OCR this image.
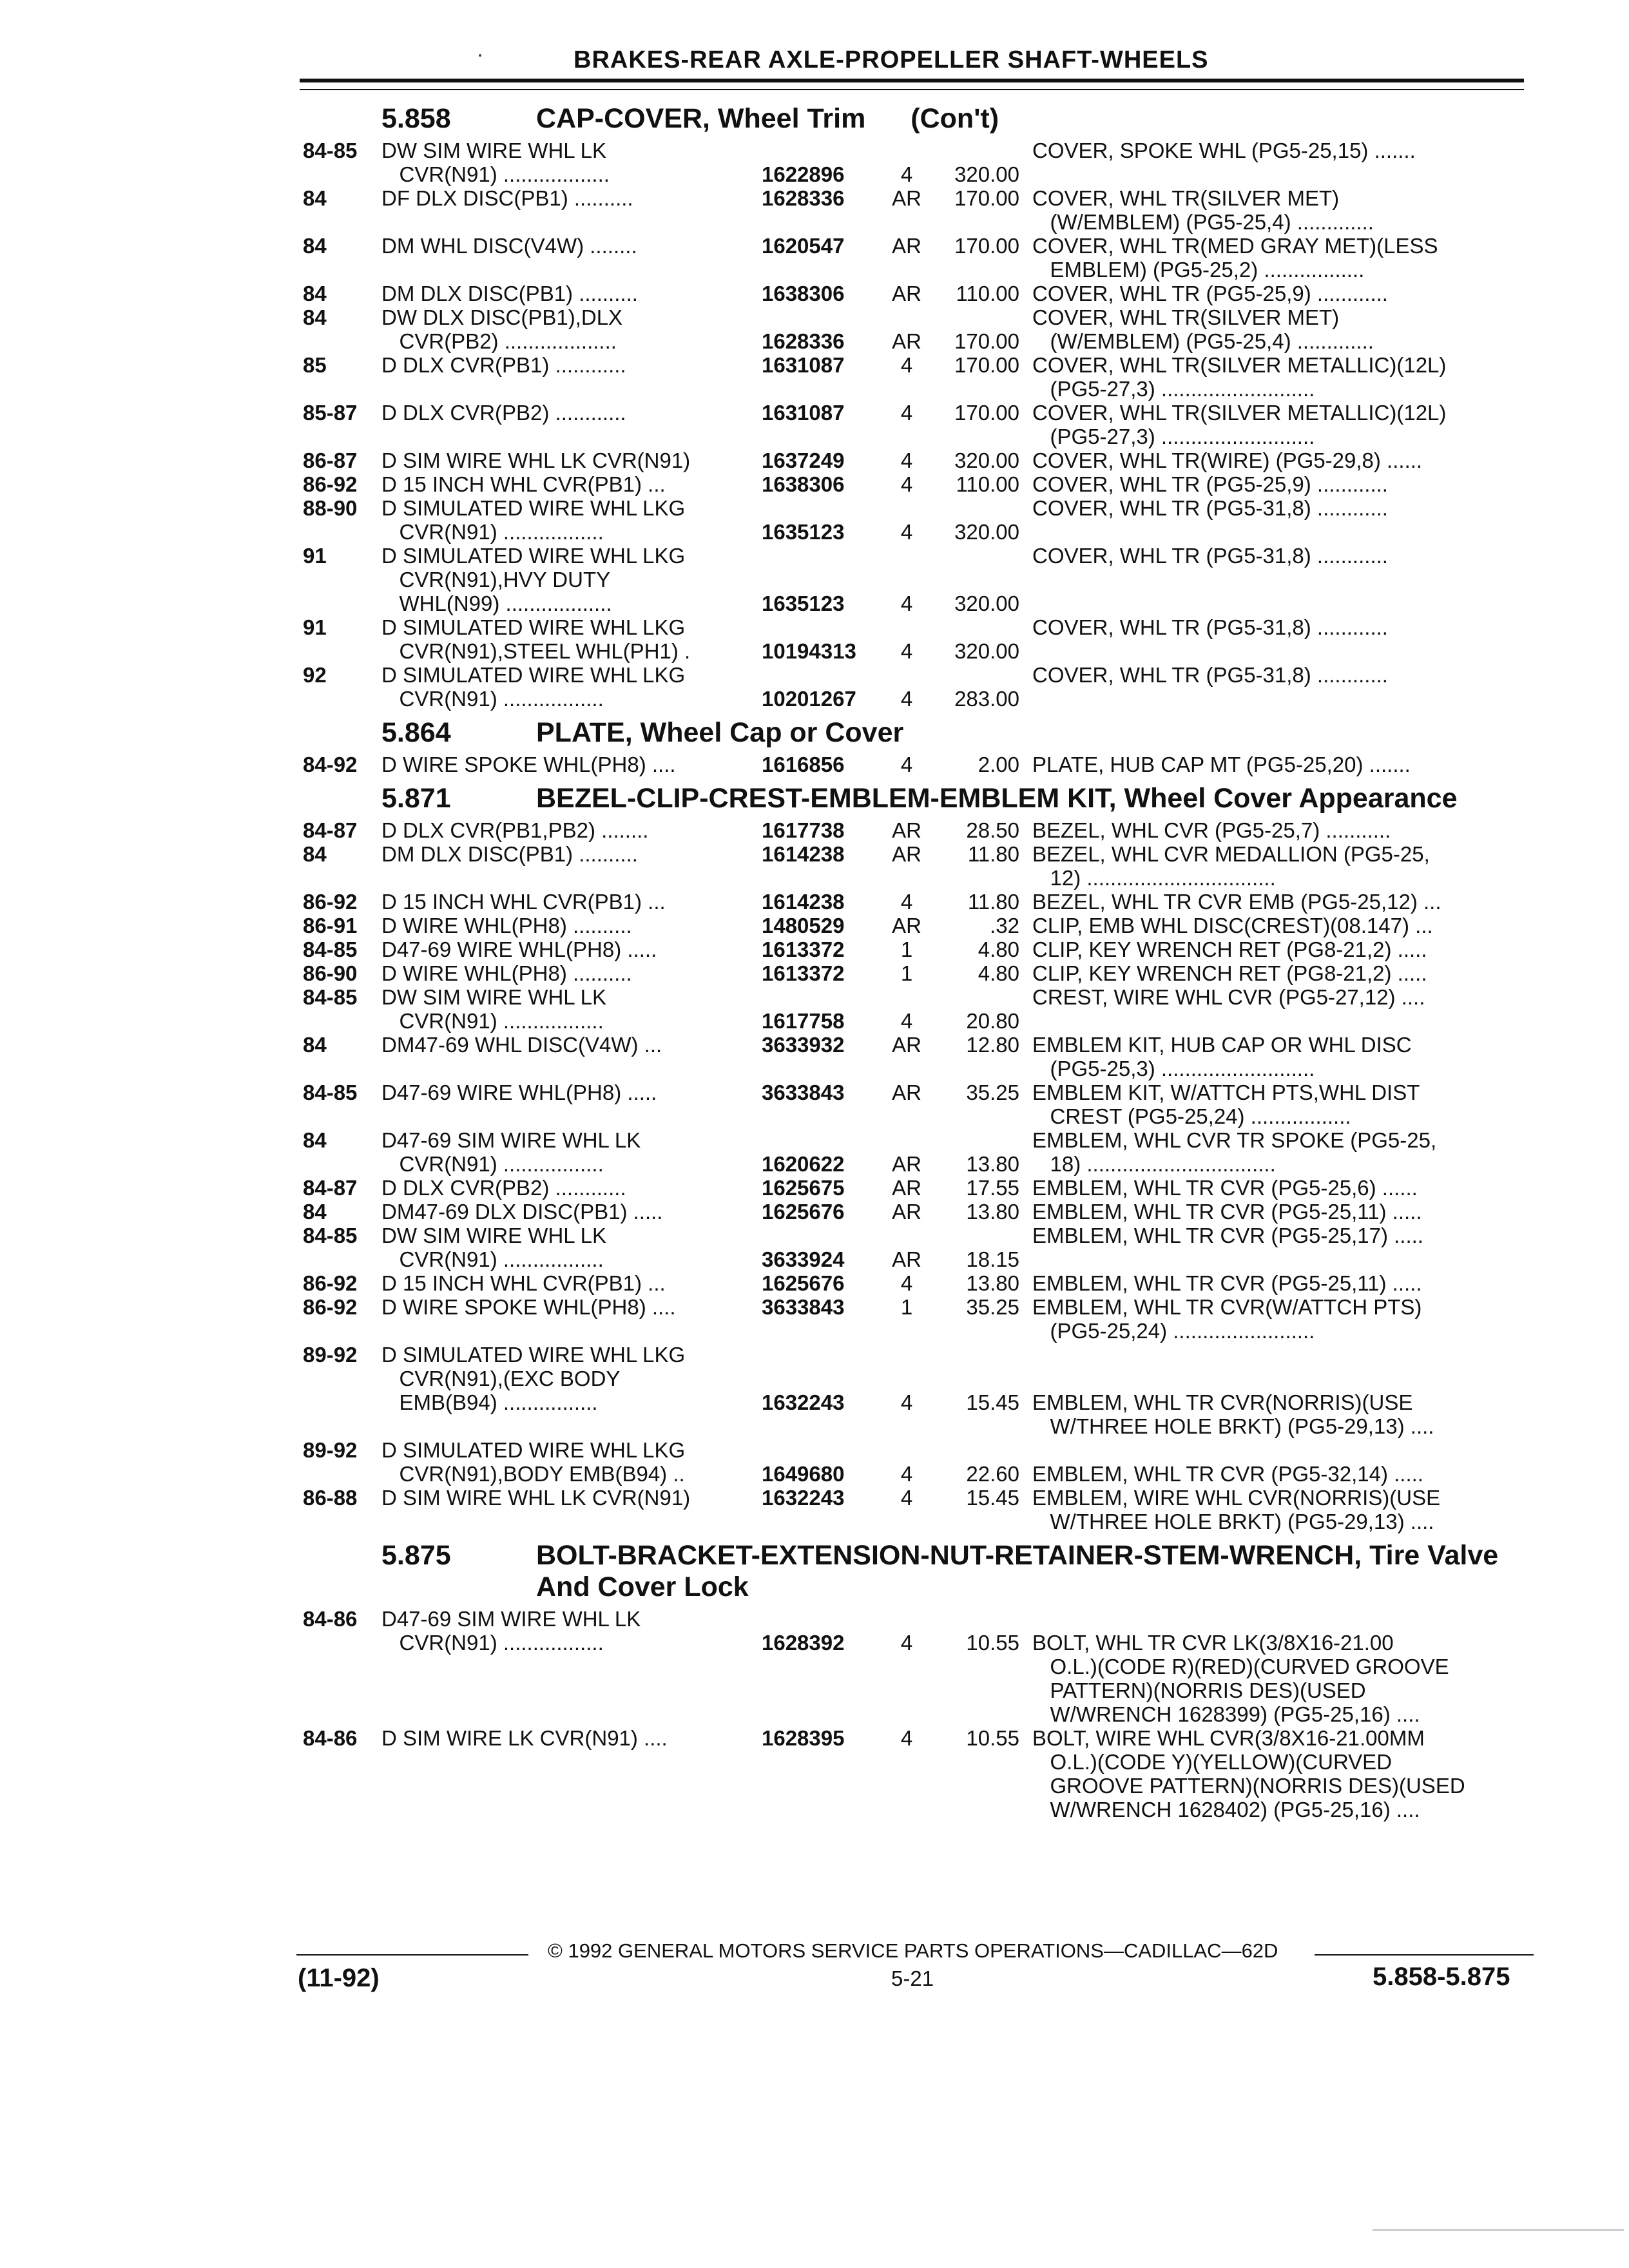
BRAKES-REAR AXLE-PROPELLER SHAFT-WHEELS
5.858	CAP-COVER, Wheel Trim (Con't)
84-85	DW SIM WIRE WHL LK
CVR(N91) ..................	1622896	4	320.00
COVER, SPOKE WHL (PG5-25,15) .......
84	DF DLX DISC(PB1) ..........	1628336	AR	170.00 COVER, WHL TR(SILVER MET)
(W/EMBLEM) (PG5-25,4) .............
84	DM WHL DISC(V4W) ........	1620547	AR	170.00 COVER, WHL TR(MED GRAY MET)(LESS
EMBLEM) (PG5-25,2) .................
84	DM DLX DISC(PB1) ..........	1638306	AR	110.00 COVER, WHL TR (PG5-25,9) ............
84	DW DLX DISC(PB1),DLX
CVR(PB2) ...................	1628336	AR	170.00
COVER, WHL TR(SILVER MET)
(W/EMBLEM) (PG5-25,4) .............
85	D DLX CVR(PB1) ............	1631087	4	170.00 COVER, WHL TR(SILVER METALLIC)(12L)
(PG5-27,3) ..........................
85-87	D DLX CVR(PB2) ............	1631087	4	170.00 COVER, WHL TR(SILVER METALLIC)(12L)
(PG5-27,3) ..........................
86-87	D SIM WIRE WHL LK CVR(N91)	1637249	4	320.00 COVER, WHL TR(WIRE) (PG5-29,8) ......
86-92	D 15 INCH WHL CVR(PB1) ...	1638306	4	110.00 COVER, WHL TR (PG5-25,9) ............
88-90	D SIMULATED WIRE WHL LKG
CVR(N91) .................	1635123	4	320.00
COVER, WHL TR (PG5-31,8) ............
91	D SIMULATED WIRE WHL LKG
CVR(N91),HVY DUTY
WHL(N99) ..................	1635123	4	320.00
COVER, WHL TR (PG5-31,8) ............
91	D SIMULATED WIRE WHL LKG
CVR(N91),STEEL WHL(PH1) .	10194313	4	320.00
COVER, WHL TR (PG5-31,8) ............
92	D SIMULATED WIRE WHL LKG
CVR(N91) .................	10201267	4	283.00
COVER, WHL TR (PG5-31,8) ............
5.864	PLATE, Wheel Cap or Cover
84-92	D WIRE SPOKE WHL(PH8) ....	1616856	4	2.00 PLATE, HUB CAP MT (PG5-25,20) .......
5.871	BEZEL-CLIP-CREST-EMBLEM-EMBLEM KIT, Wheel Cover Appearance
84-87	D DLX CVR(PB1,PB2) ........	1617738	AR	28.50 BEZEL, WHL CVR (PG5-25,7) ...........
84	DM DLX DISC(PB1) ..........	1614238	AR	11.80 BEZEL, WHL CVR MEDALLION (PG5-25,
12) ................................
86-92	D 15 INCH WHL CVR(PB1) ...	1614238	4	11.80 BEZEL, WHL TR CVR EMB (PG5-25,12) ...
86-91	D WIRE WHL(PH8) ..........	1480529	AR	.32 CLIP, EMB WHL DISC(CREST)(08.147) ...
84-85	D47-69 WIRE WHL(PH8) .....	1613372	1	4.80 CLIP, KEY WRENCH RET (PG8-21,2) .....
86-90	D WIRE WHL(PH8) ..........	1613372	1	4.80 CLIP, KEY WRENCH RET (PG8-21,2) .....
84-85	DW SIM WIRE WHL LK
CVR(N91) .................	1617758	4	20.80
CREST, WIRE WHL CVR (PG5-27,12) ....
84	DM47-69 WHL DISC(V4W) ...	3633932	AR	12.80 EMBLEM KIT, HUB CAP OR WHL DISC
(PG5-25,3) ..........................
84-85	D47-69 WIRE WHL(PH8) .....	3633843	AR	35.25 EMBLEM KIT, W/ATTCH PTS,WHL DIST
CREST (PG5-25,24) .................
84	D47-69 SIM WIRE WHL LK
CVR(N91) .................	1620622	AR	13.80
EMBLEM, WHL CVR TR SPOKE (PG5-25,
18) ................................
84-87	D DLX CVR(PB2) ............	1625675	AR	17.55 EMBLEM, WHL TR CVR (PG5-25,6) ......
84	DM47-69 DLX DISC(PB1) .....	1625676	AR	13.80 EMBLEM, WHL TR CVR (PG5-25,11) .....
84-85	DW SIM WIRE WHL LK
CVR(N91) .................	3633924	AR	18.15
EMBLEM, WHL TR CVR (PG5-25,17) .....
86-92	D 15 INCH WHL CVR(PB1) ...	1625676	4	13.80 EMBLEM, WHL TR CVR (PG5-25,11) .....
86-92	D WIRE SPOKE WHL(PH8) ....	3633843	1	35.25 EMBLEM, WHL TR CVR(W/ATTCH PTS)
(PG5-25,24) ........................
89-92	D SIMULATED WIRE WHL LKG
CVR(N91),(EXC BODY
EMB(B94) ................	1632243	4	15.45

EMBLEM, WHL TR CVR(NORRIS)(USE
W/THREE HOLE BRKT) (PG5-29,13) ....
89-92	D SIMULATED WIRE WHL LKG
CVR(N91),BODY EMB(B94) ..	1649680	4	22.60
EMBLEM, WHL TR CVR (PG5-32,14) .....
86-88	D SIM WIRE WHL LK CVR(N91)	1632243	4	15.45 EMBLEM, WIRE WHL CVR(NORRIS)(USE
W/THREE HOLE BRKT) (PG5-29,13) ....
5.875	BOLT-BRACKET-EXTENSION-NUT-RETAINER-STEM-WRENCH, Tire Valve And Cover Lock
84-86	D47-69 SIM WIRE WHL LK
CVR(N91) .................	1628392	4	10.55
BOLT, WHL TR CVR LK(3/8X16-21.00
O.L.)(CODE R)(RED)(CURVED GROOVE
PATTERN)(NORRIS DES)(USED
W/WRENCH 1628399) (PG5-25,16) ....
84-86	D SIM WIRE LK CVR(N91) ....	1628395	4	10.55 BOLT, WIRE WHL CVR(3/8X16-21.00MM
O.L.)(CODE Y)(YELLOW)(CURVED
GROOVE PATTERN)(NORRIS DES)(USED
W/WRENCH 1628402) (PG5-25,16) ....
© 1992 GENERAL MOTORS SERVICE PARTS OPERATIONS—CADILLAC—62D
(11-92)	5-21	5.858-5.875
